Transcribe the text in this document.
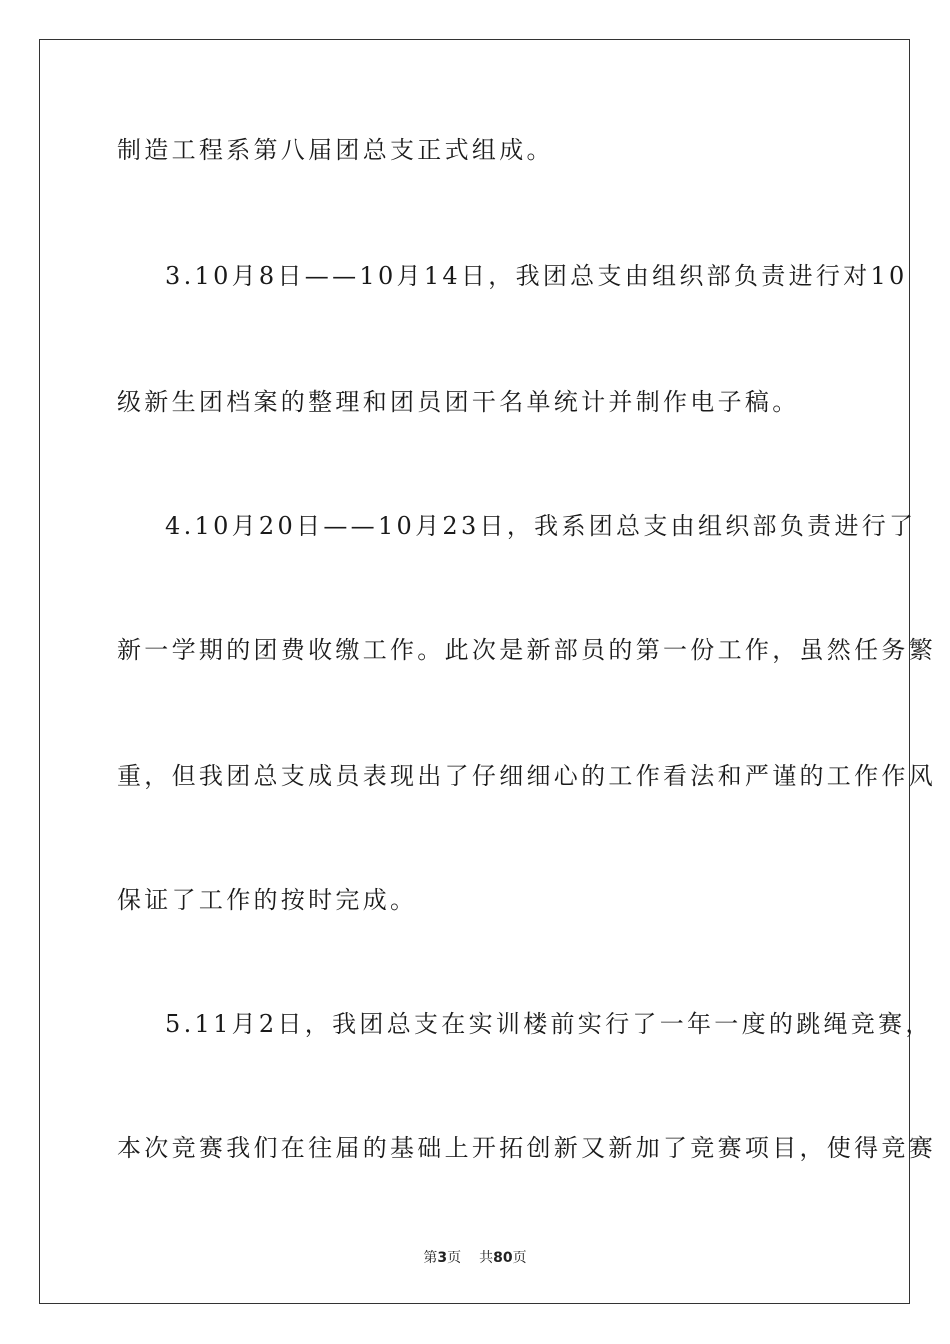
制造工程系第八届团总支正式组成。
3.10月8日——10月14日，我团总支由组织部负责进行对10
级新生团档案的整理和团员团干名单统计并制作电子稿。
4.10月20日——10月23日，我系团总支由组织部负责进行了
新一学期的团费收缴工作。此次是新部员的第一份工作，虽然任务繁
重，但我团总支成员表现出了仔细细心的工作看法和严谨的工作作风
保证了工作的按时完成。
5.11月2日，我团总支在实训楼前实行了一年一度的跳绳竞赛，
本次竞赛我们在往届的基础上开拓创新又新加了竞赛项目，使得竞赛
第3页 共80页
